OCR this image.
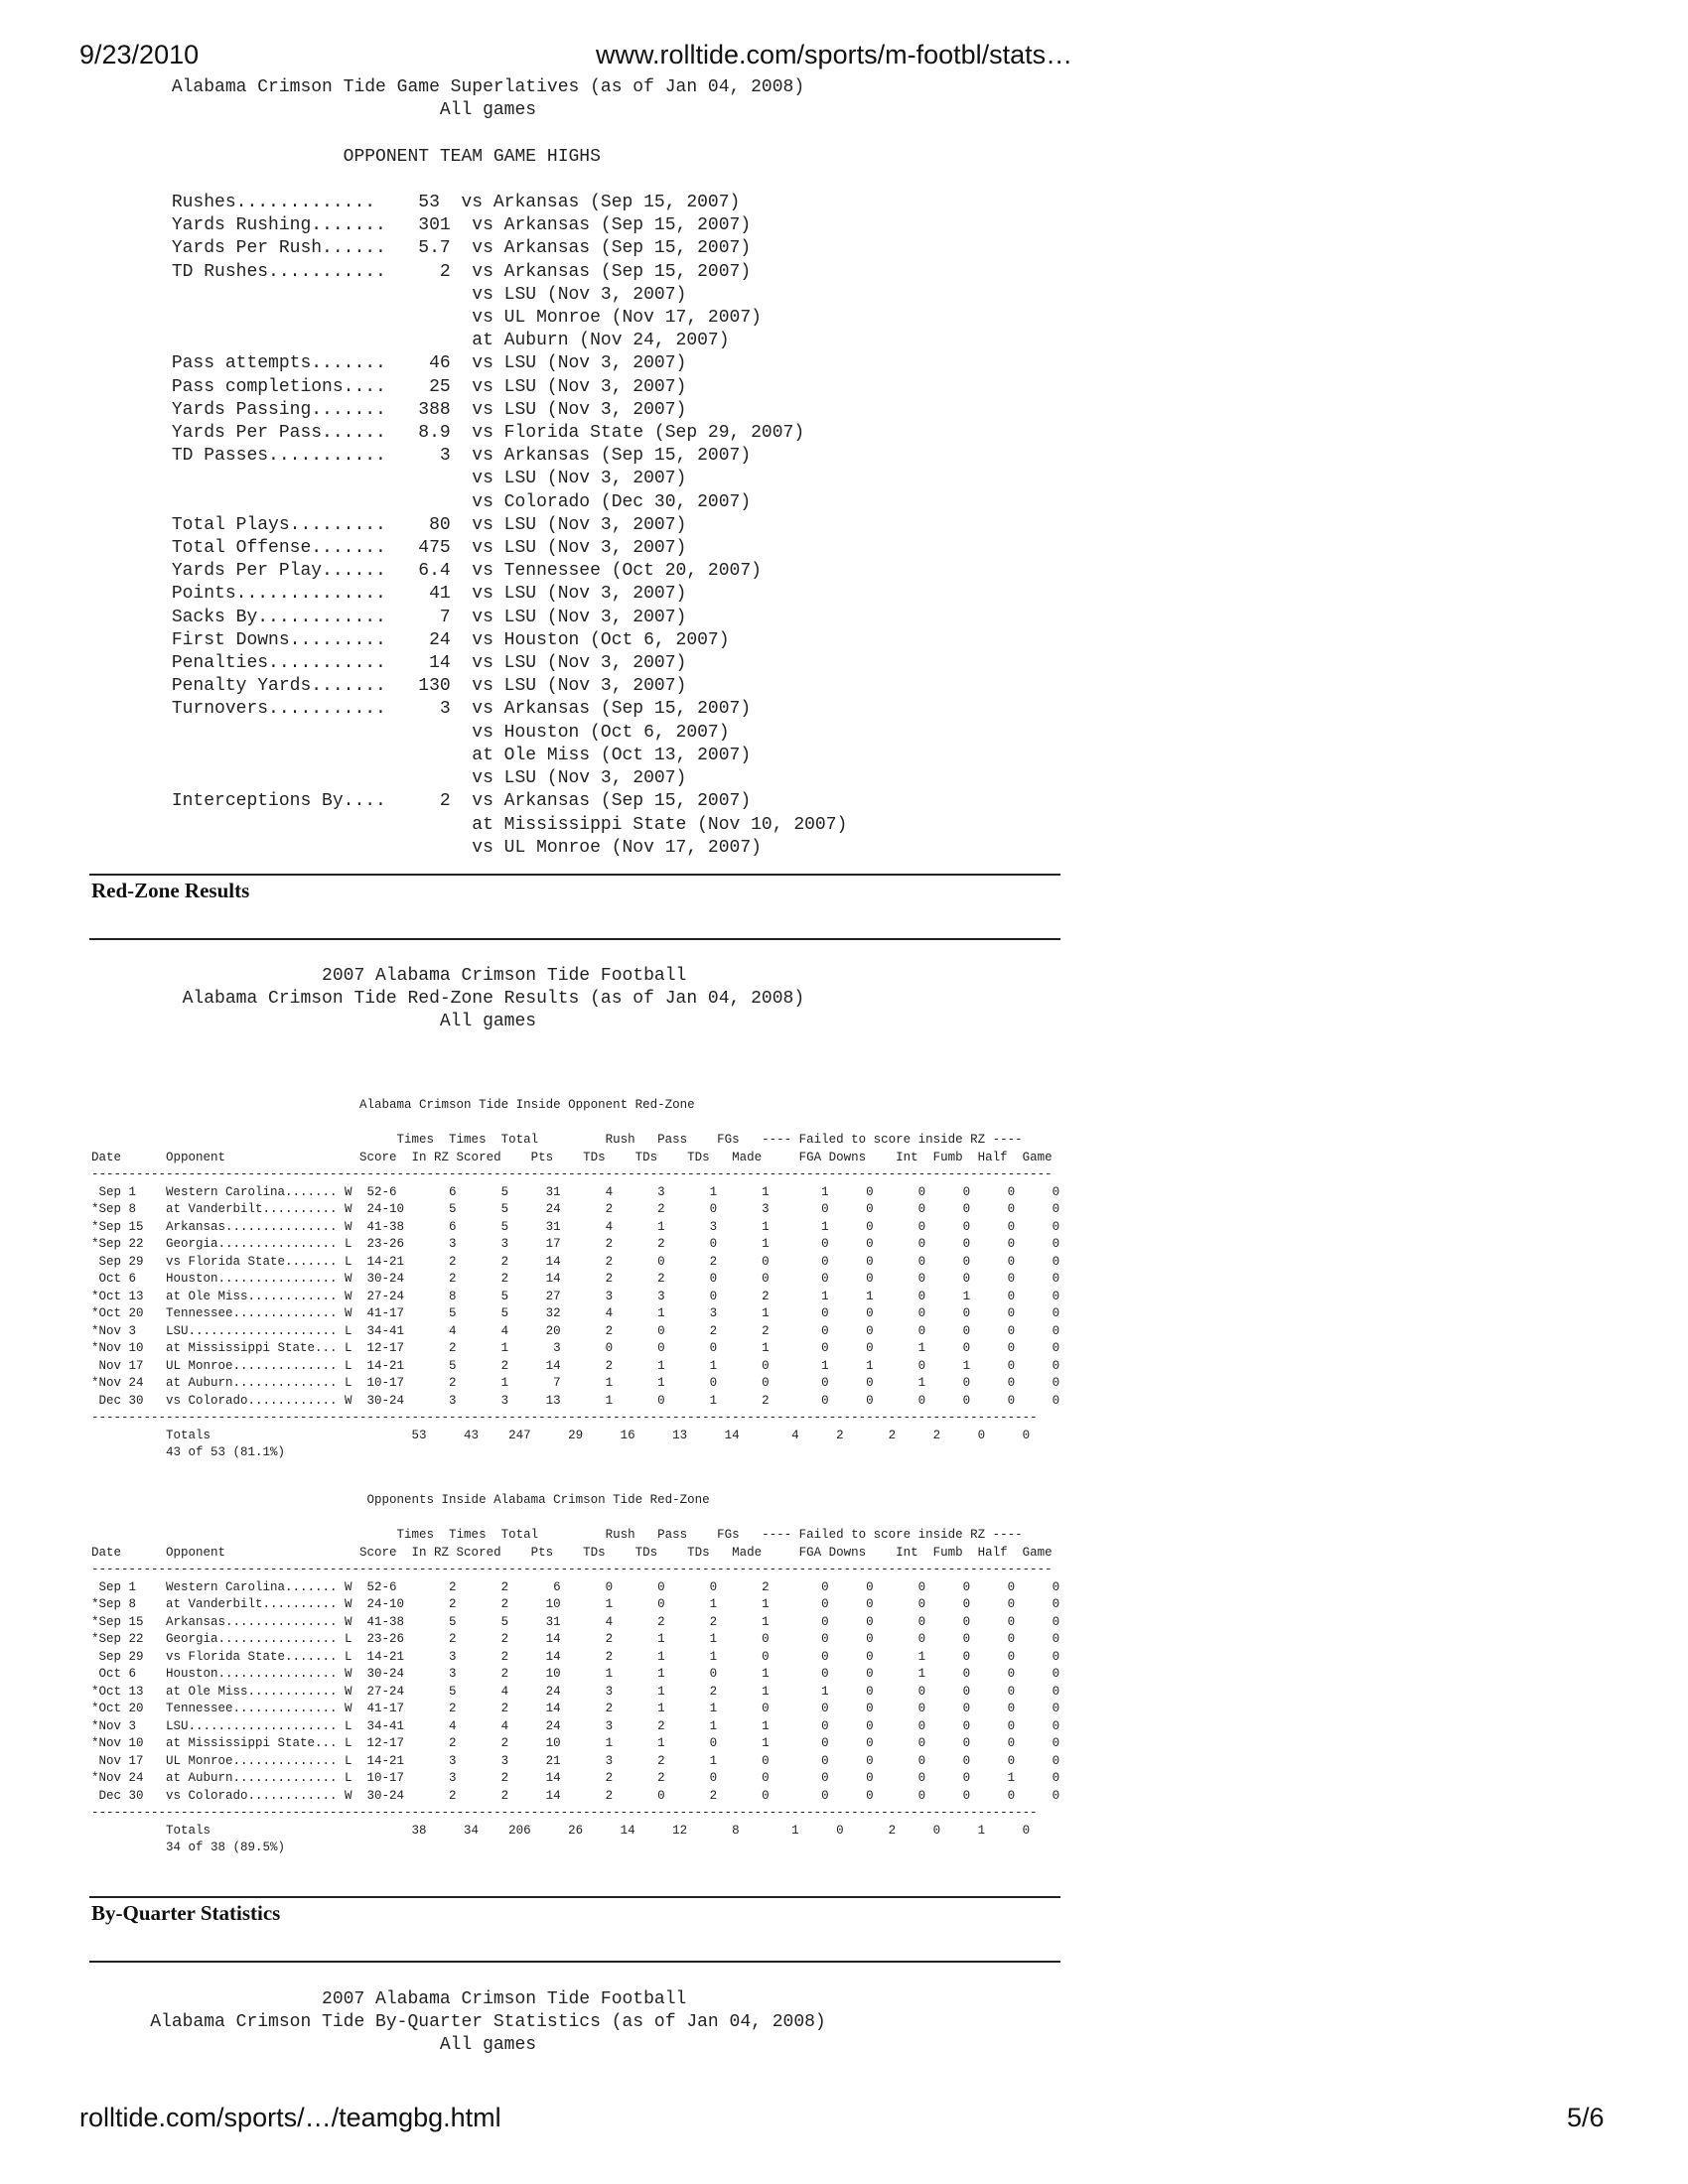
9/23/2010	www.rolltide.com/sports/m-footbl/stats…
Alabama Crimson Tide Game Superlatives (as of Jan 04, 2008)
All games

OPPONENT TEAM GAME HIGHS

Rushes.............    53  vs Arkansas (Sep 15, 2007)
Yards Rushing.......   301  vs Arkansas (Sep 15, 2007)
Yards Per Rush......   5.7  vs Arkansas (Sep 15, 2007)
TD Rushes...........     2  vs Arkansas (Sep 15, 2007)
vs LSU (Nov 3, 2007)
vs UL Monroe (Nov 17, 2007)
at Auburn (Nov 24, 2007)
Pass attempts.......    46  vs LSU (Nov 3, 2007)
Pass completions....    25  vs LSU (Nov 3, 2007)
Yards Passing.......   388  vs LSU (Nov 3, 2007)
Yards Per Pass......   8.9  vs Florida State (Sep 29, 2007)
TD Passes...........     3  vs Arkansas (Sep 15, 2007)
vs LSU (Nov 3, 2007)
vs Colorado (Dec 30, 2007)
Total Plays.........    80  vs LSU (Nov 3, 2007)
Total Offense.......   475  vs LSU (Nov 3, 2007)
Yards Per Play......   6.4  vs Tennessee (Oct 20, 2007)
Points..............    41  vs LSU (Nov 3, 2007)
Sacks By............     7  vs LSU (Nov 3, 2007)
First Downs.........    24  vs Houston (Oct 6, 2007)
Penalties...........    14  vs LSU (Nov 3, 2007)
Penalty Yards.......   130  vs LSU (Nov 3, 2007)
Turnovers...........     3  vs Arkansas (Sep 15, 2007)
vs Houston (Oct 6, 2007)
at Ole Miss (Oct 13, 2007)
vs LSU (Nov 3, 2007)
Interceptions By....     2  vs Arkansas (Sep 15, 2007)
at Mississippi State (Nov 10, 2007)
vs UL Monroe (Nov 17, 2007)
Red-Zone Results
2007 Alabama Crimson Tide Football
Alabama Crimson Tide Red-Zone Results (as of Jan 04, 2008)
All games
Alabama Crimson Tide Inside Opponent Red-Zone

Times  Times  Total         Rush   Pass    FGs   ---- Failed to score inside RZ ----
Date      Opponent                  Score  In RZ Scored    Pts    TDs    TDs    TDs   Made     FGA Downs    Int  Fumb  Half  Game
---------------------------------------------------------------------------------------------------------------------------------
Sep 1    Western Carolina....... W  52-6       6      5     31      4      3      1      1       1     0      0     0     0     0
*Sep 8    at Vanderbilt.......... W  24-10      5      5     24      2      2      0      3       0     0      0     0     0     0
*Sep 15   Arkansas............... W  41-38      6      5     31      4      1      3      1       1     0      0     0     0     0
*Sep 22   Georgia................ L  23-26      3      3     17      2      2      0      1       0     0      0     0     0     0
Sep 29   vs Florida State....... L  14-21      2      2     14      2      0      2      0       0     0      0     0     0     0
Oct 6    Houston................ W  30-24      2      2     14      2      2      0      0       0     0      0     0     0     0
*Oct 13   at Ole Miss............ W  27-24      8      5     27      3      3      0      2       1     1      0     1     0     0
*Oct 20   Tennessee.............. W  41-17      5      5     32      4      1      3      1       0     0      0     0     0     0
*Nov 3    LSU.................... L  34-41      4      4     20      2      0      2      2       0     0      0     0     0     0
*Nov 10   at Mississippi State... L  12-17      2      1      3      0      0      0      1       0     0      1     0     0     0
Nov 17   UL Monroe.............. L  14-21      5      2     14      2      1      1      0       1     1      0     1     0     0
*Nov 24   at Auburn.............. L  10-17      2      1      7      1      1      0      0       0     0      1     0     0     0
Dec 30   vs Colorado............ W  30-24      3      3     13      1      0      1      2       0     0      0     0     0     0
-------------------------------------------------------------------------------------------------------------------------------
Totals                           53     43    247     29     16     13     14       4     2      2     2     0     0
43 of 53 (81.1%)
Opponents Inside Alabama Crimson Tide Red-Zone

Times  Times  Total         Rush   Pass    FGs   ---- Failed to score inside RZ ----
Date      Opponent                  Score  In RZ Scored    Pts    TDs    TDs    TDs   Made     FGA Downs    Int  Fumb  Half  Game
---------------------------------------------------------------------------------------------------------------------------------
Sep 1    Western Carolina....... W  52-6       2      2      6      0      0      0      2       0     0      0     0     0     0
*Sep 8    at Vanderbilt.......... W  24-10      2      2     10      1      0      1      1       0     0      0     0     0     0
*Sep 15   Arkansas............... W  41-38      5      5     31      4      2      2      1       0     0      0     0     0     0
*Sep 22   Georgia................ L  23-26      2      2     14      2      1      1      0       0     0      0     0     0     0
Sep 29   vs Florida State....... L  14-21      3      2     14      2      1      1      0       0     0      1     0     0     0
Oct 6    Houston................ W  30-24      3      2     10      1      1      0      1       0     0      1     0     0     0
*Oct 13   at Ole Miss............ W  27-24      5      4     24      3      1      2      1       1     0      0     0     0     0
*Oct 20   Tennessee.............. W  41-17      2      2     14      2      1      1      0       0     0      0     0     0     0
*Nov 3    LSU.................... L  34-41      4      4     24      3      2      1      1       0     0      0     0     0     0
*Nov 10   at Mississippi State... L  12-17      2      2     10      1      1      0      1       0     0      0     0     0     0
Nov 17   UL Monroe.............. L  14-21      3      3     21      3      2      1      0       0     0      0     0     0     0
*Nov 24   at Auburn.............. L  10-17      3      2     14      2      2      0      0       0     0      0     0     1     0
Dec 30   vs Colorado............ W  30-24      2      2     14      2      0      2      0       0     0      0     0     0     0
-------------------------------------------------------------------------------------------------------------------------------
Totals                           38     34    206     26     14     12      8       1     0      2     0     1     0
34 of 38 (89.5%)
By-Quarter Statistics
2007 Alabama Crimson Tide Football
Alabama Crimson Tide By-Quarter Statistics (as of Jan 04, 2008)
All games
rolltide.com/sports/…/teamgbg.html	5/6
